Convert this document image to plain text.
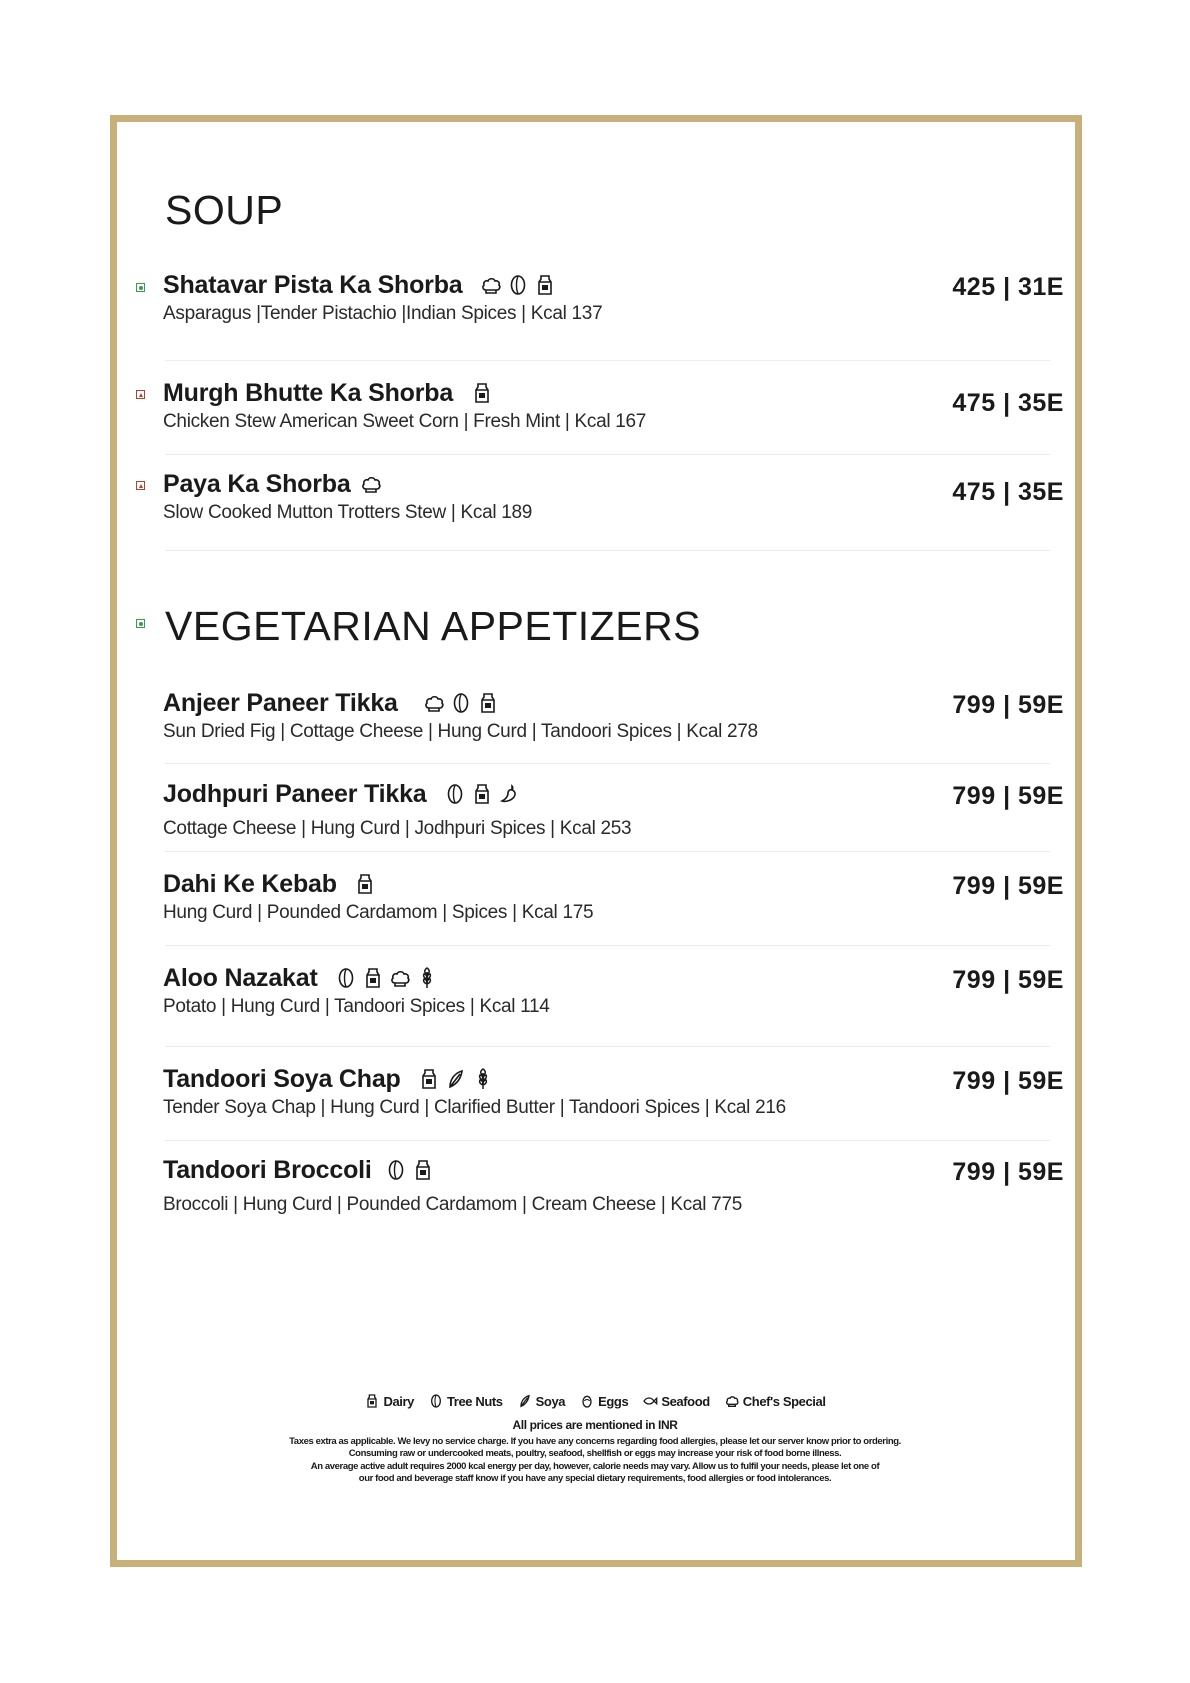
SOUP
Shatavar Pista Ka Shorba
Asparagus |Tender Pistachio |Indian Spices | Kcal 137
425 | 31E
Murgh Bhutte Ka Shorba
Chicken Stew American Sweet Corn | Fresh Mint | Kcal 167
475 | 35E
Paya Ka Shorba
Slow Cooked Mutton Trotters Stew | Kcal 189
475 | 35E
VEGETARIAN APPETIZERS
Anjeer Paneer Tikka
Sun Dried Fig | Cottage Cheese | Hung Curd | Tandoori Spices | Kcal 278
799 | 59E
Jodhpuri Paneer Tikka
Cottage Cheese | Hung Curd | Jodhpuri Spices | Kcal 253
799 | 59E
Dahi Ke Kebab
Hung Curd | Pounded Cardamom | Spices | Kcal 175
799 | 59E
Aloo Nazakat
Potato | Hung Curd | Tandoori Spices | Kcal 114
799 | 59E
Tandoori Soya Chap
Tender Soya Chap | Hung Curd | Clarified Butter | Tandoori Spices | Kcal 216
799 | 59E
Tandoori Broccoli
Broccoli | Hung Curd | Pounded Cardamom | Cream Cheese | Kcal 775
799 | 59E
Dairy	Tree Nuts	Soya	Eggs	Seafood	Chef's Special
All prices are mentioned in INR
Taxes extra as applicable. We levy no service charge. If you have any concerns regarding food allergies, please let our server know prior to ordering.
Consuming raw or undercooked meats, poultry, seafood, shellfish or eggs may increase your risk of food borne illness.
An average active adult requires 2000 kcal energy per day, however, calorie needs may vary. Allow us to fulfil your needs, please let one of
our food and beverage staff know if you have any special dietary requirements, food allergies or food intolerances.
